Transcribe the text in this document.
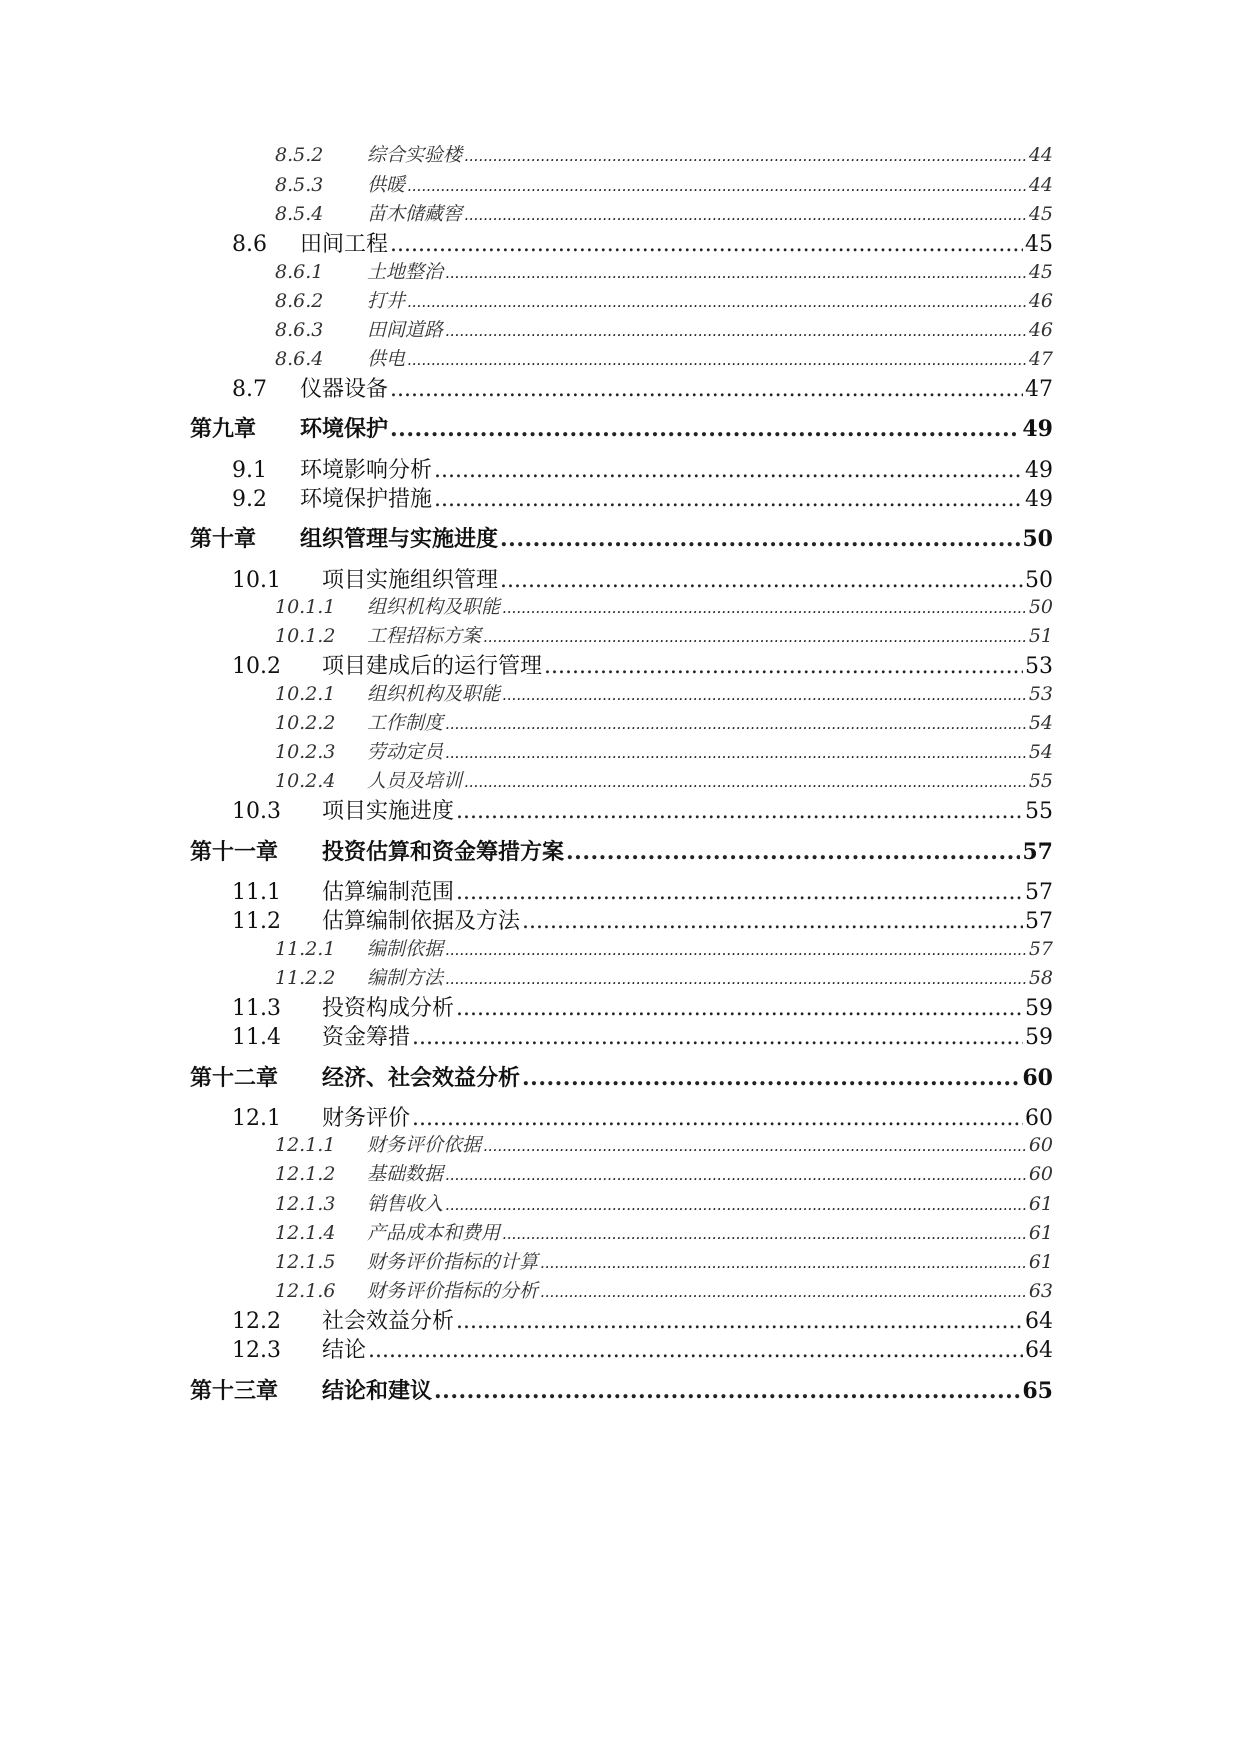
8.5.2	综合实验楼 .....	44
8.5.3	供暖 .....	44
8.5.4	苗木储藏窖 .....	45
8.6	田间工程 .....	45
8.6.1	土地整治 .....	45
8.6.2	打井 .....	46
8.6.3	田间道路 .....	46
8.6.4	供电 .....	47
8.7	仪器设备 .....	47
第九章	环境保护 .....	49
9.1	环境影响分析 .....	49
9.2	环境保护措施 .....	49
第十章	组织管理与实施进度 .....	50
10.1	项目实施组织管理 .....	50
10.1.1	组织机构及职能 .....	50
10.1.2	工程招标方案 .....	51
10.2	项目建成后的运行管理 .....	53
10.2.1	组织机构及职能 .....	53
10.2.2	工作制度 .....	54
10.2.3	劳动定员 .....	54
10.2.4	人员及培训 .....	55
10.3	项目实施进度 .....	55
第十一章	投资估算和资金筹措方案 .....	57
11.1	估算编制范围 .....	57
11.2	估算编制依据及方法 .....	57
11.2.1	编制依据 .....	57
11.2.2	编制方法 .....	58
11.3	投资构成分析 .....	59
11.4	资金筹措 .....	59
第十二章	经济、社会效益分析 .....	60
12.1	财务评价 .....	60
12.1.1	财务评价依据 .....	60
12.1.2	基础数据 .....	60
12.1.3	销售收入 .....	61
12.1.4	产品成本和费用 .....	61
12.1.5	财务评价指标的计算 .....	61
12.1.6	财务评价指标的分析 .....	63
12.2	社会效益分析 .....	64
12.3	结论 .....	64
第十三章	结论和建议 .....	65
